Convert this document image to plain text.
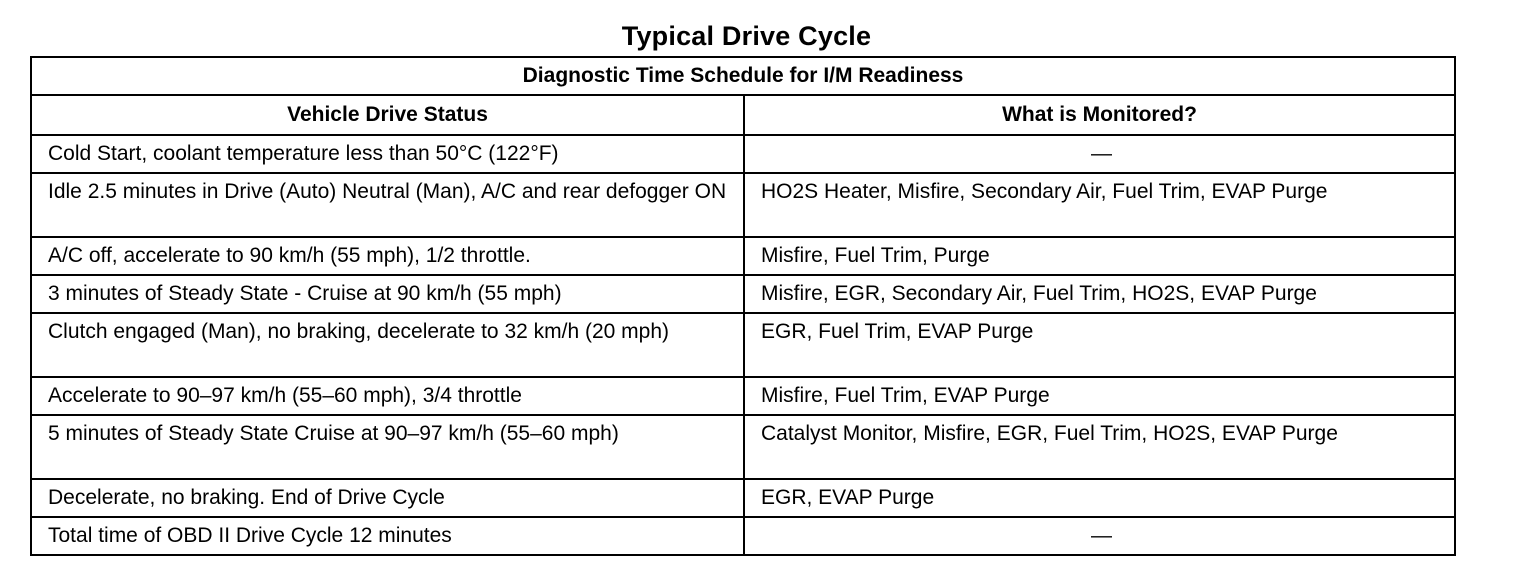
Typical Drive Cycle
Diagnostic Time Schedule for I/M Readiness	
Vehicle Drive Status	What is Monitored?
Cold Start, coolant temperature less than 50°C (122°F)	—
Idle 2.5 minutes in Drive (Auto) Neutral (Man), A/C and rear defogger ON	HO2S Heater, Misfire, Secondary Air, Fuel Trim, EVAP Purge
A/C off, accelerate to 90 km/h (55 mph), 1/2 throttle.	Misfire, Fuel Trim, Purge
3 minutes of Steady State - Cruise at 90 km/h (55 mph)	Misfire, EGR, Secondary Air, Fuel Trim, HO2S, EVAP Purge
Clutch engaged (Man), no braking, decelerate to 32 km/h (20 mph)	EGR, Fuel Trim, EVAP Purge
Accelerate to 90–97 km/h (55–60 mph), 3/4 throttle	Misfire, Fuel Trim, EVAP Purge
5 minutes of Steady State Cruise at 90–97 km/h (55–60 mph)	Catalyst Monitor, Misfire, EGR, Fuel Trim, HO2S, EVAP Purge
Decelerate, no braking. End of Drive Cycle	EGR, EVAP Purge
Total time of OBD II Drive Cycle 12 minutes	—
